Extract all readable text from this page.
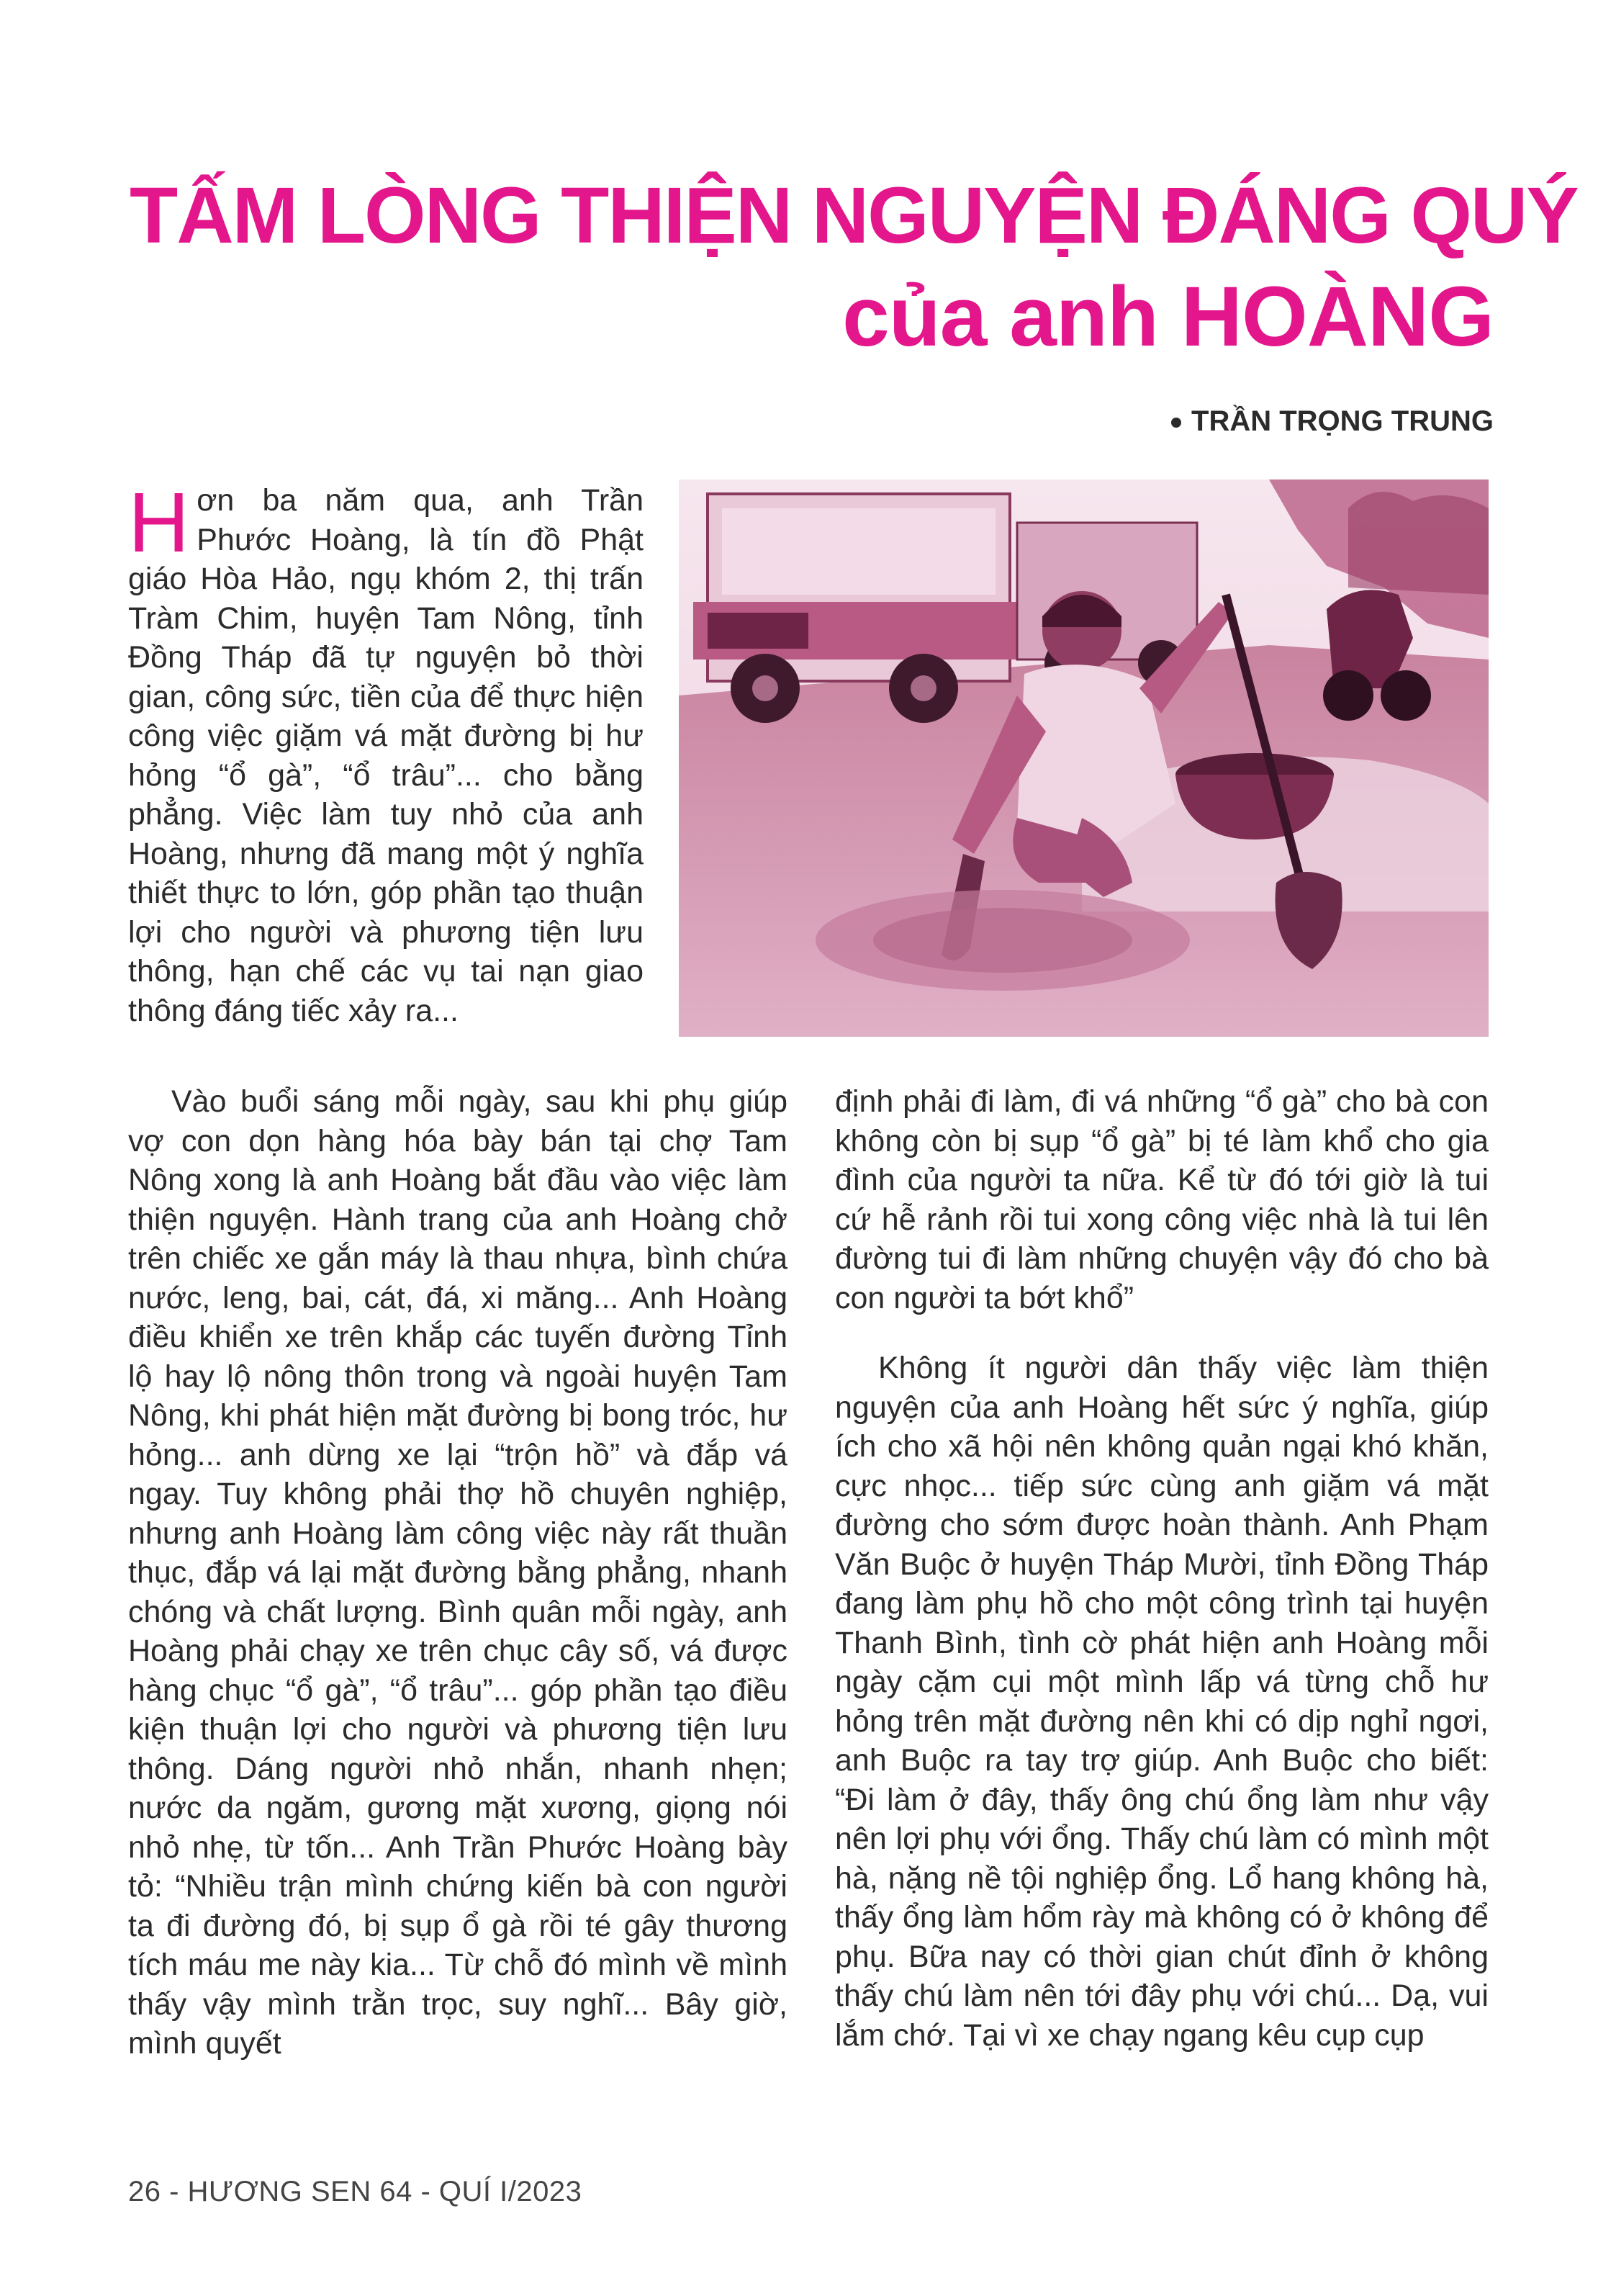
TẤM LÒNG THIỆN NGUYỆN ĐÁNG QUÝ
của anh HOÀNG
TRẦN TRỌNG TRUNG

Hơn ba năm qua, anh Trần Phước Hoàng, là tín đồ Phật giáo Hòa Hảo, ngụ khóm 2, thị trấn Tràm Chim, huyện Tam Nông, tỉnh Đồng Tháp đã tự nguyện bỏ thời gian, công sức, tiền của để thực hiện công việc giặm vá mặt đường bị hư hỏng “ổ gà”, “ổ trâu”... cho bằng phẳng. Việc làm tuy nhỏ của anh Hoàng, nhưng đã mang một ý nghĩa thiết thực to lớn, góp phần tạo thuận lợi cho người và phương tiện lưu thông, hạn chế các vụ tai nạn giao thông đáng tiếc xảy ra...

Vào buổi sáng mỗi ngày, sau khi phụ giúp vợ con dọn hàng hóa bày bán tại chợ Tam Nông xong là anh Hoàng bắt đầu vào việc làm thiện nguyện. Hành trang của anh Hoàng chở trên chiếc xe gắn máy là thau nhựa, bình chứa nước, leng, bai, cát, đá, xi măng... Anh Hoàng điều khiển xe trên khắp các tuyến đường Tỉnh lộ hay lộ nông thôn trong và ngoài huyện Tam Nông, khi phát hiện mặt đường bị bong tróc, hư hỏng... anh dừng xe lại “trộn hồ” và đắp vá ngay. Tuy không phải thợ hồ chuyên nghiệp, nhưng anh Hoàng làm công việc này rất thuần thục, đắp vá lại mặt đường bằng phẳng, nhanh chóng và chất lượng. Bình quân mỗi ngày, anh Hoàng phải chạy xe trên chục cây số, vá được hàng chục “ổ gà”, “ổ trâu”... góp phần tạo điều kiện thuận lợi cho người và phương tiện lưu thông. Dáng người nhỏ nhắn, nhanh nhẹn; nước da ngăm, gương mặt xương, giọng nói nhỏ nhẹ, từ tốn... Anh Trần Phước Hoàng bày tỏ: “Nhiều trận mình chứng kiến bà con người ta đi đường đó, bị sụp ổ gà rồi té gây thương tích máu me này kia... Từ chỗ đó mình về mình thấy vậy mình trằn trọc, suy nghĩ... Bây giờ, mình quyết

định phải đi làm, đi vá những “ổ gà” cho bà con không còn bị sụp “ổ gà” bị té làm khổ cho gia đình của người ta nữa. Kể từ đó tới giờ là tui cứ hễ rảnh rồi tui xong công việc nhà là tui lên đường tui đi làm những chuyện vậy đó cho bà con người ta bớt khổ”

Không ít người dân thấy việc làm thiện nguyện của anh Hoàng hết sức ý nghĩa, giúp ích cho xã hội nên không quản ngại khó khăn, cực nhọc... tiếp sức cùng anh giặm vá mặt đường cho sớm được hoàn thành. Anh Phạm Văn Buộc ở huyện Tháp Mười, tỉnh Đồng Tháp đang làm phụ hồ cho một công trình tại huyện Thanh Bình, tình cờ phát hiện anh Hoàng mỗi ngày cặm cụi một mình lấp vá từng chỗ hư hỏng trên mặt đường nên khi có dịp nghỉ ngơi, anh Buộc ra tay trợ giúp. Anh Buộc cho biết: “Đi làm ở đây, thấy ông chú ổng làm như vậy nên lợi phụ với ổng. Thấy chú làm có mình một hà, nặng nề tội nghiệp ổng. Lổ hang không hà, thấy ổng làm hổm rày mà không có ở không để phụ. Bữa nay có thời gian chút đỉnh ở không thấy chú làm nên tới đây phụ với chú... Dạ, vui lắm chớ. Tại vì xe chạy ngang kêu cụp cụp

26 - HƯƠNG SEN 64 - QUÍ I/2023
